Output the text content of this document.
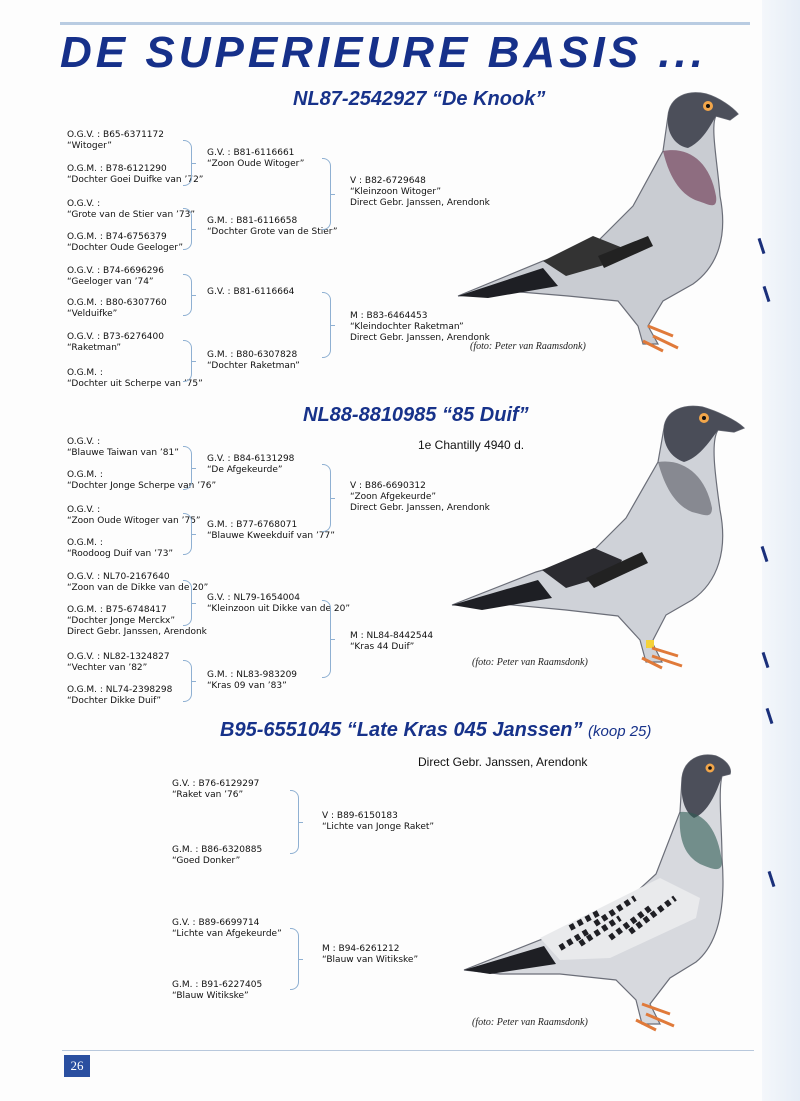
DE SUPERIEURE BASIS ...
NL87-2542927 “De Knook”
O.G.V. : B65-6371172
“Witoger”
O.G.M. : B78-6121290
“Dochter Goei Duifke van ’72”
O.G.V. :
“Grote van de Stier van ’73”
O.G.M. : B74-6756379
“Dochter Oude Geeloger”
O.G.V. : B74-6696296
“Geeloger van ’74”
O.G.M. : B80-6307760
“Velduifke”
O.G.V. : B73-6276400
“Raketman”
O.G.M. :
“Dochter uit Scherpe van ’75”
G.V. : B81-6116661
“Zoon Oude Witoger”
G.M. : B81-6116658
“Dochter Grote van de Stier”
G.V. : B81-6116664
G.M. : B80-6307828
“Dochter Raketman”
V : B82-6729648
“Kleinzoon Witoger”
Direct Gebr. Janssen, Arendonk
M : B83-6464453
“Kleindochter Raketman”
Direct Gebr. Janssen, Arendonk
(foto: Peter van Raamsdonk)
NL88-8810985 “85 Duif”
1e Chantilly 4940 d.
O.G.V. :
“Blauwe Taiwan van ’81”
O.G.M. :
“Dochter Jonge Scherpe van ’76”
O.G.V. :
“Zoon Oude Witoger van ’75”
O.G.M. :
“Roodoog Duif van ’73”
O.G.V. : NL70-2167640
“Zoon van de Dikke van de 20”
O.G.M. : B75-6748417
“Dochter Jonge Merckx”
Direct Gebr. Janssen, Arendonk
O.G.V. : NL82-1324827
“Vechter van ’82”
O.G.M. : NL74-2398298
“Dochter Dikke Duif”
G.V. : B84-6131298
“De Afgekeurde”
G.M. : B77-6768071
“Blauwe Kweekduif van ’77”
G.V. : NL79-1654004
“Kleinzoon uit Dikke van de 20”
G.M. : NL83-983209
“Kras 09 van ’83”
V : B86-6690312
“Zoon Afgekeurde”
Direct Gebr. Janssen, Arendonk
M : NL84-8442544
“Kras 44 Duif”
(foto: Peter van Raamsdonk)
B95-6551045 “Late Kras 045 Janssen” (koop 25)
Direct Gebr. Janssen, Arendonk
G.V. : B76-6129297
“Raket van ’76”
G.M. : B86-6320885
“Goed Donker”
G.V. : B89-6699714
“Lichte van Afgekeurde”
G.M. : B91-6227405
“Blauw Witikske”
V : B89-6150183
“Lichte van Jonge Raket”
M : B94-6261212
“Blauw van Witikske”
(foto: Peter van Raamsdonk)
26
